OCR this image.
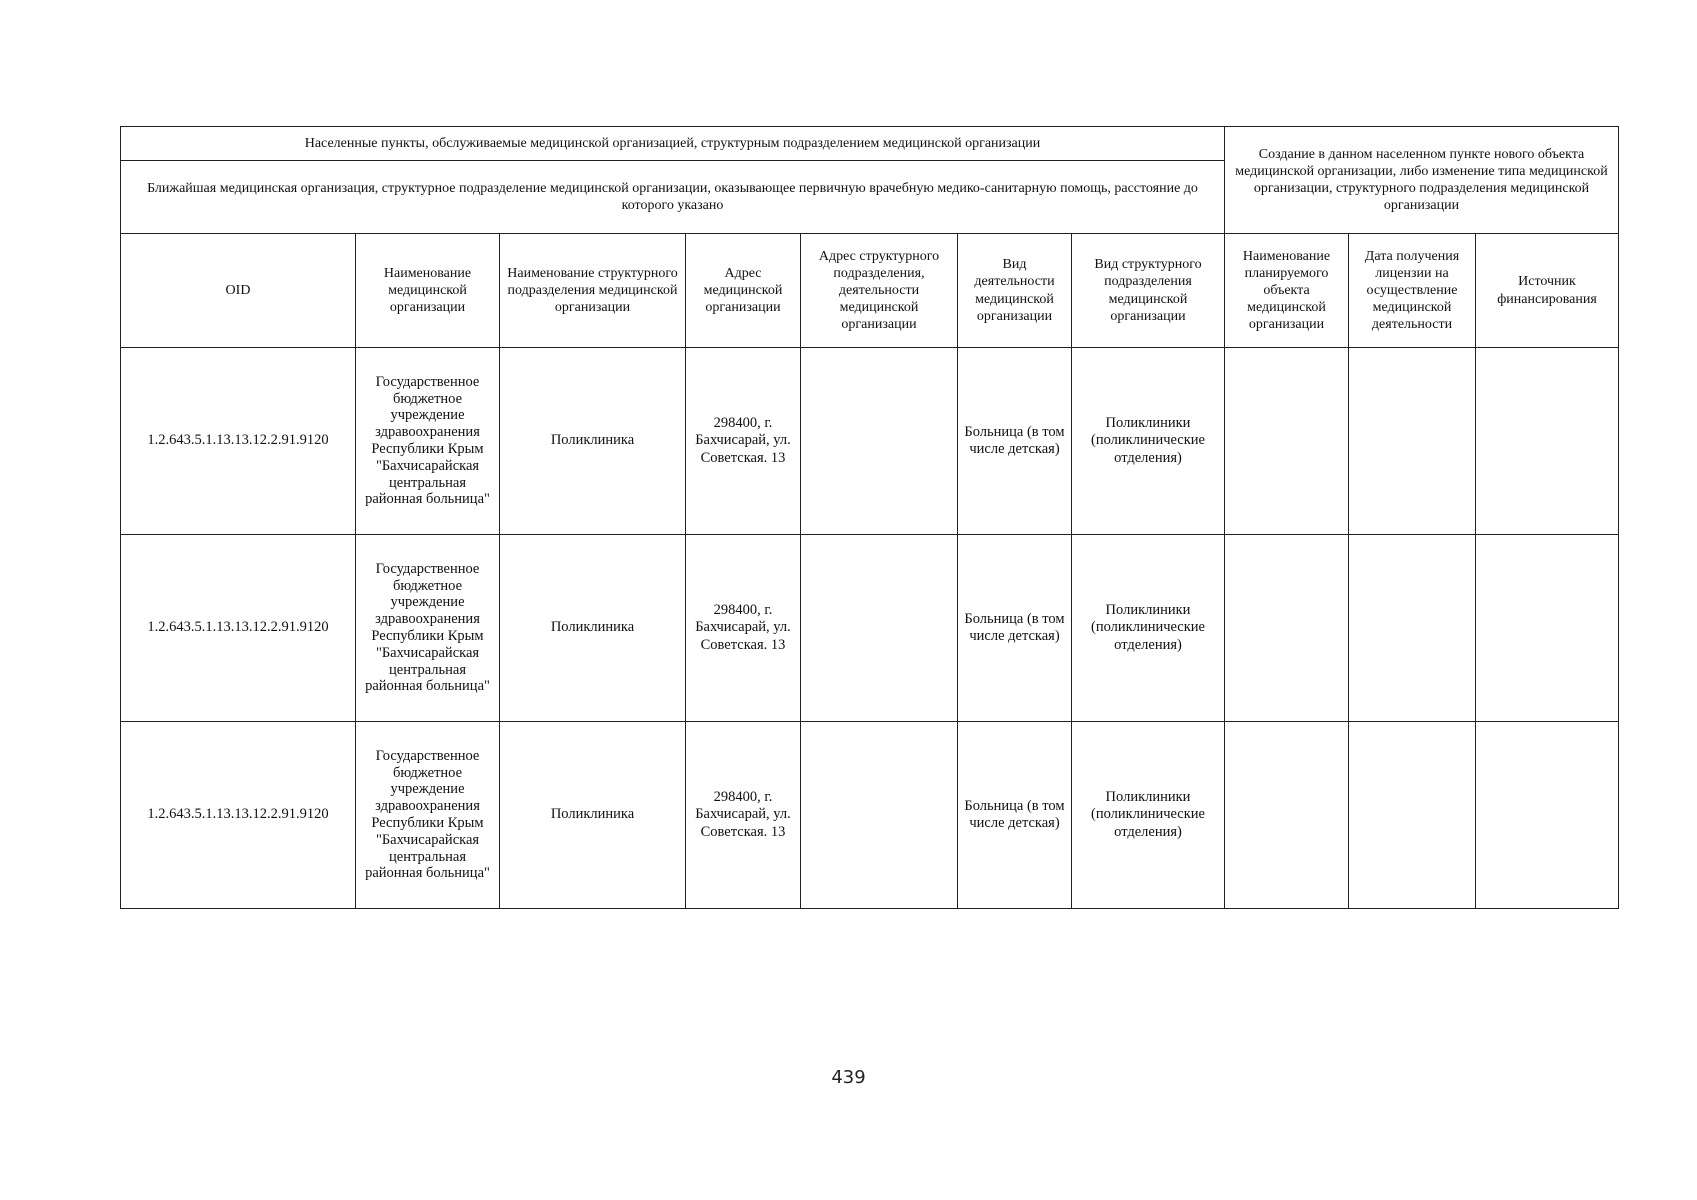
Населенные пункты, обслуживаемые медицинской организацией, структурным подразделением медицинской организации							Создание в данном населенном пункте нового объекта медицинской организации, либо изменение типа медицинской организации, структурного подразделения медицинской организации		
Ближайшая медицинская организация, структурное подразделение медицинской организации, оказывающее первичную врачебную медико-санитарную помощь, расстояние до которого указано									
OID	Наименование медицинской организации	Наименование структурного подразделения медицинской организации	Адрес медицинской организации	Адрес структурного подразделения, деятельности медицинской организации	Вид деятельности медицинской организации	Вид структурного подразделения медицинской организации	Наименование планируемого объекта медицинской организации	Дата получения лицензии на осуществление медицинской деятельности	Источник финансирования
1.2.643.5.1.13.13.12.2.91.9120	Государственное бюджетное учреждение здравоохранения Республики Крым "Бахчисарайская центральная районная больница"	Поликлиника	298400, г. Бахчисарай, ул. Советская. 13		Больница (в том числе детская)	Поликлиники (поликлинические отделения)			
1.2.643.5.1.13.13.12.2.91.9120	Государственное бюджетное учреждение здравоохранения Республики Крым "Бахчисарайская центральная районная больница"	Поликлиника	298400, г. Бахчисарай, ул. Советская. 13		Больница (в том числе детская)	Поликлиники (поликлинические отделения)			
1.2.643.5.1.13.13.12.2.91.9120	Государственное бюджетное учреждение здравоохранения Республики Крым "Бахчисарайская центральная районная больница"	Поликлиника	298400, г. Бахчисарай, ул. Советская. 13		Больница (в том числе детская)	Поликлиники (поликлинические отделения)			
439
